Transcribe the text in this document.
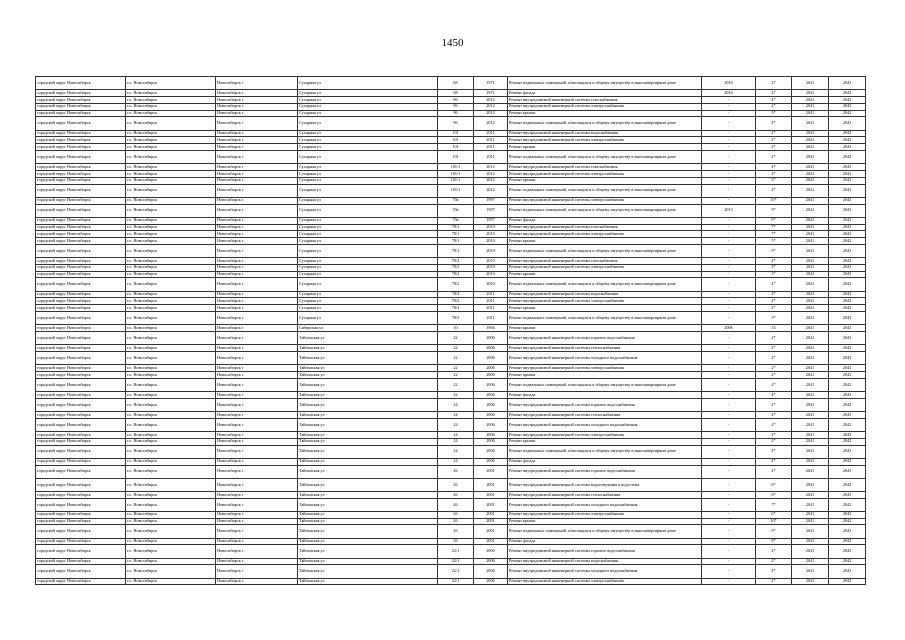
1450
городской округ Новосибирск	г.о. Новосибирск	Новосибирск г	Сухарная ул	68	1971	Ремонт подвальных помещений, относящихся к общему имуществу в многоквартирном доме	2016	27	2041	2043
городской округ Новосибирск	г.о. Новосибирск	Новосибирск г	Сухарная ул	68	1971	Ремонт фасада	2016	27	2041	2043
городской округ Новосибирск	г.о. Новосибирск	Новосибирск г	Сухарная ул	96	2012	Ремонт внутридомовой инженерной системы газоснабжения	-	4*	2041	2043
городской округ Новосибирск	г.о. Новосибирск	Новосибирск г	Сухарная ул	96	2012	Ремонт внутридомовой инженерной системы электроснабжения	-	2*	2041	2043
городской округ Новосибирск	г.о. Новосибирск	Новосибирск г	Сухарная ул	96	2012	Ремонт крыши	-	3*	2041	2043
городской округ Новосибирск	г.о. Новосибирск	Новосибирск г	Сухарная ул	96	2012	Ремонт подвальных помещений, относящихся к общему имуществу в многоквартирном доме	-	2*	2041	2043
городской округ Новосибирск	г.о. Новосибирск	Новосибирск г	Сухарная ул	101	2011	Ремонт внутридомовой инженерной системы водоснабжения	-	2*	2041	2043
городской округ Новосибирск	г.о. Новосибирск	Новосибирск г	Сухарная ул	101	2011	Ремонт внутридомовой инженерной системы электроснабжения	-	2*	2041	2043
городской округ Новосибирск	г.о. Новосибирск	Новосибирск г	Сухарная ул	101	2011	Ремонт крыши	-	2*	2041	2043
городской округ Новосибирск	г.о. Новосибирск	Новосибирск г	Сухарная ул	101	2011	Ремонт подвальных помещений, относящихся к общему имуществу в многоквартирном доме	-	2*	2041	2043
городской округ Новосибирск	г.о. Новосибирск	Новосибирск г	Сухарная ул	101/1	2012	Ремонт внутридомовой инженерной системы газоснабжения	-	4*	2041	2043
городской округ Новосибирск	г.о. Новосибирск	Новосибирск г	Сухарная ул	101/1	2012	Ремонт внутридомовой инженерной системы электроснабжения	-	2*	2041	2043
городской округ Новосибирск	г.о. Новосибирск	Новосибирск г	Сухарная ул	101/1	2012	Ремонт крыши	-	3*	2041	2043
городской округ Новосибирск	г.о. Новосибирск	Новосибирск г	Сухарная ул	101/1	2012	Ремонт подвальных помещений, относящихся к общему имуществу в многоквартирном доме	-	2*	2041	2043
городской округ Новосибирск	г.о. Новосибирск	Новосибирск г	Сухарная ул	70а	1997	Ремонт внутридомовой инженерной системы электроснабжения	-	10*	2041	2043
городской округ Новосибирск	г.о. Новосибирск	Новосибирск г	Сухарная ул	70а	1997	Ремонт подвальных помещений, относящихся к общему имуществу в многоквартирном доме	2013	9*	2041	2043
городской округ Новосибирск	г.о. Новосибирск	Новосибирск г	Сухарная ул	70а	1997	Ремонт фасада	-	9*	2041	2043
городской округ Новосибирск	г.о. Новосибирск	Новосибирск г	Сухарная ул	78/1	2010	Ремонт внутридомовой инженерной системы газоснабжения	-	7*	2041	2043
городской округ Новосибирск	г.о. Новосибирск	Новосибирск г	Сухарная ул	78/1	2010	Ремонт внутридомовой инженерной системы электроснабжения	-	7*	2041	2043
городской округ Новосибирск	г.о. Новосибирск	Новосибирск г	Сухарная ул	78/1	2010	Ремонт крыши	-	5*	2041	2043
городской округ Новосибирск	г.о. Новосибирск	Новосибирск г	Сухарная ул	78/1	2010	Ремонт подвальных помещений, относящихся к общему имуществу в многоквартирном доме	-	9*	2041	2043
городской округ Новосибирск	г.о. Новосибирск	Новосибирск г	Сухарная ул	78/2	2010	Ремонт внутридомовой инженерной системы газоснабжения	-	2*	2041	2043
городской округ Новосибирск	г.о. Новосибирск	Новосибирск г	Сухарная ул	78/2	2010	Ремонт внутридомовой инженерной системы электроснабжения	-	2*	2041	2043
городской округ Новосибирск	г.о. Новосибирск	Новосибирск г	Сухарная ул	78/2	2010	Ремонт крыши	-	3*	2041	2043
городской округ Новосибирск	г.о. Новосибирск	Новосибирск г	Сухарная ул	78/2	2010	Ремонт подвальных помещений, относящихся к общему имуществу в многоквартирном доме	-	4*	2041	2043
городской округ Новосибирск	г.о. Новосибирск	Новосибирск г	Сухарная ул	78/3	2011	Ремонт внутридомовой инженерной системы водоснабжения	-	2*	2041	2043
городской округ Новосибирск	г.о. Новосибирск	Новосибирск г	Сухарная ул	78/3	2011	Ремонт внутридомовой инженерной системы электроснабжения	-	2*	2041	2043
городской округ Новосибирск	г.о. Новосибирск	Новосибирск г	Сухарная ул	78/3	2011	Ремонт крыши	-	2*	2041	2043
городской округ Новосибирск	г.о. Новосибирск	Новосибирск г	Сухарная ул	78/3	2011	Ремонт подвальных помещений, относящихся к общему имуществу в многоквартирном доме	-	3*	2041	2043
городской округ Новосибирск	г.о. Новосибирск	Новосибирск г	Сибирская ул	10	1966	Ремонт крыши	2006	33	2041	2043
городской округ Новосибирск	г.о. Новосибирск	Новосибирск г	Тайгинская ул	22	2006	Ремонт внутридомовой инженерной системы горячего водоснабжения	-	2*	2041	2043
городской округ Новосибирск	г.о. Новосибирск	Новосибирск г	Тайгинская ул	22	2006	Ремонт внутридомовой инженерной системы теплоснабжения	-	2*	2041	2043
городской округ Новосибирск	г.о. Новосибирск	Новосибирск г	Тайгинская ул	22	2006	Ремонт внутридомовой инженерной системы холодного водоснабжения	-	2*	2041	2043
городской округ Новосибирск	г.о. Новосибирск	Новосибирск г	Тайгинская ул	22	2006	Ремонт внутридомовой инженерной системы электроснабжения	-	2*	2041	2043
городской округ Новосибирск	г.о. Новосибирск	Новосибирск г	Тайгинская ул	22	2006	Ремонт крыши	-	2*	2041	2043
городской округ Новосибирск	г.о. Новосибирск	Новосибирск г	Тайгинская ул	22	2006	Ремонт подвальных помещений, относящихся к общему имуществу в многоквартирном доме	-	2*	2041	2043
городской округ Новосибирск	г.о. Новосибирск	Новосибирск г	Тайгинская ул	22	2006	Ремонт фасада	-	4*	2041	2043
городской округ Новосибирск	г.о. Новосибирск	Новосибирск г	Тайгинская ул	24	2006	Ремонт внутридомовой инженерной системы горячего водоснабжения	-	2*	2041	2043
городской округ Новосибирск	г.о. Новосибирск	Новосибирск г	Тайгинская ул	24	2006	Ремонт внутридомовой инженерной системы теплоснабжения	-	2*	2041	2043
городской округ Новосибирск	г.о. Новосибирск	Новосибирск г	Тайгинская ул	24	2006	Ремонт внутридомовой инженерной системы холодного водоснабжения	-	2*	2041	2043
городской округ Новосибирск	г.о. Новосибирск	Новосибирск г	Тайгинская ул	24	2006	Ремонт внутридомовой инженерной системы электроснабжения	-	2*	2041	2043
городской округ Новосибирск	г.о. Новосибирск	Новосибирск г	Тайгинская ул	24	2006	Ремонт крыши	-	2*	2041	2043
городской округ Новосибирск	г.о. Новосибирск	Новосибирск г	Тайгинская ул	24	2006	Ремонт подвальных помещений, относящихся к общему имуществу в многоквартирном доме	-	2*	2041	2043
городской округ Новосибирск	г.о. Новосибирск	Новосибирск г	Тайгинская ул	24	2006	Ремонт фасада	-	4*	2041	2043
городской округ Новосибирск	г.о. Новосибирск	Новосибирск г	Тайгинская ул	26	2001	Ремонт внутридомовой инженерной системы горячего водоснабжения	-	4*	2041	2043
городской округ Новосибирск	г.о. Новосибирск	Новосибирск г	Тайгинская ул	26	2001	Ремонт внутридомовой инженерной системы водоотведения и водостока	-	6*	2041	2043
городской округ Новосибирск	г.о. Новосибирск	Новосибирск г	Тайгинская ул	26	2001	Ремонт внутридомовой инженерной системы теплоснабжения	-	6*	2041	2043
городской округ Новосибирск	г.о. Новосибирск	Новосибирск г	Тайгинская ул	26	2001	Ремонт внутридомовой инженерной системы холодного водоснабжения	-	7*	2041	2043
городской округ Новосибирск	г.о. Новосибирск	Новосибирск г	Тайгинская ул	26	2001	Ремонт внутридомовой инженерной системы электроснабжения	-	6*	2041	2043
городской округ Новосибирск	г.о. Новосибирск	Новосибирск г	Тайгинская ул	26	2001	Ремонт крыши	-	10*	2041	2043
городской округ Новосибирск	г.о. Новосибирск	Новосибирск г	Тайгинская ул	26	2001	Ремонт подвальных помещений, относящихся к общему имуществу в многоквартирном доме	-	9*	2041	2043
городской округ Новосибирск	г.о. Новосибирск	Новосибирск г	Тайгинская ул	26	2001	Ремонт фасада	-	8*	2041	2043
городской округ Новосибирск	г.о. Новосибирск	Новосибирск г	Тайгинская ул	22/1	2006	Ремонт внутридомовой инженерной системы горячего водоснабжения	-	2*	2041	2043
городской округ Новосибирск	г.о. Новосибирск	Новосибирск г	Тайгинская ул	22/1	2006	Ремонт внутридомовой инженерной системы водоснабжения	-	2*	2041	2043
городской округ Новосибирск	г.о. Новосибирск	Новосибирск г	Тайгинская ул	22/1	2006	Ремонт внутридомовой инженерной системы холодного водоснабжения	-	2*	2041	2043
городской округ Новосибирск	г.о. Новосибирск	Новосибирск г	Тайгинская ул	22/1	2006	Ремонт внутридомовой инженерной системы электроснабжения	-	2*	2041	2043
